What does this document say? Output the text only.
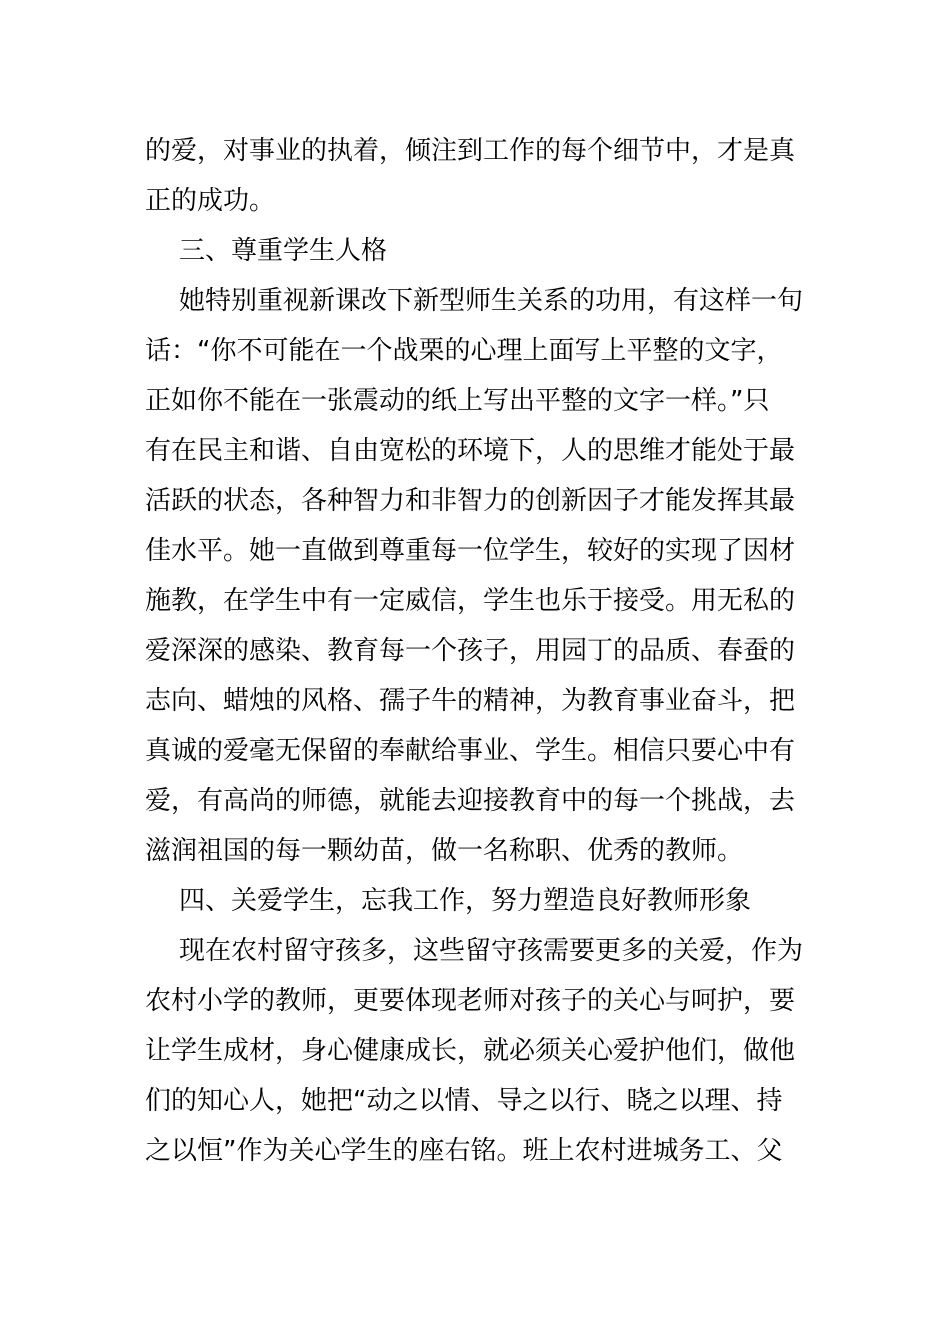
的爱，对事业的执着，倾注到工作的每个细节中，才是真
正的成功。
三、尊重学生人格
她特别重视新课改下新型师生关系的功用，有这样一句
话：“你不可能在一个战栗的心理上面写上平整的文字，
正如你不能在一张震动的纸上写出平整的文字一样。”只
有在民主和谐、自由宽松的环境下，人的思维才能处于最
活跃的状态，各种智力和非智力的创新因子才能发挥其最
佳水平。她一直做到尊重每一位学生，较好的实现了因材
施教，在学生中有一定威信，学生也乐于接受。用无私的
爱深深的感染、教育每一个孩子，用园丁的品质、春蚕的
志向、蜡烛的风格、孺子牛的精神，为教育事业奋斗，把
真诚的爱毫无保留的奉献给事业、学生。相信只要心中有
爱，有高尚的师德，就能去迎接教育中的每一个挑战，去
滋润祖国的每一颗幼苗，做一名称职、优秀的教师。
四、关爱学生，忘我工作，努力塑造良好教师形象
现在农村留守孩多，这些留守孩需要更多的关爱，作为
农村小学的教师，更要体现老师对孩子的关心与呵护，要
让学生成材，身心健康成长，就必须关心爱护他们，做他
们的知心人，她把“动之以情、导之以行、晓之以理、持
之以恒”作为关心学生的座右铭。班上农村进城务工、父
